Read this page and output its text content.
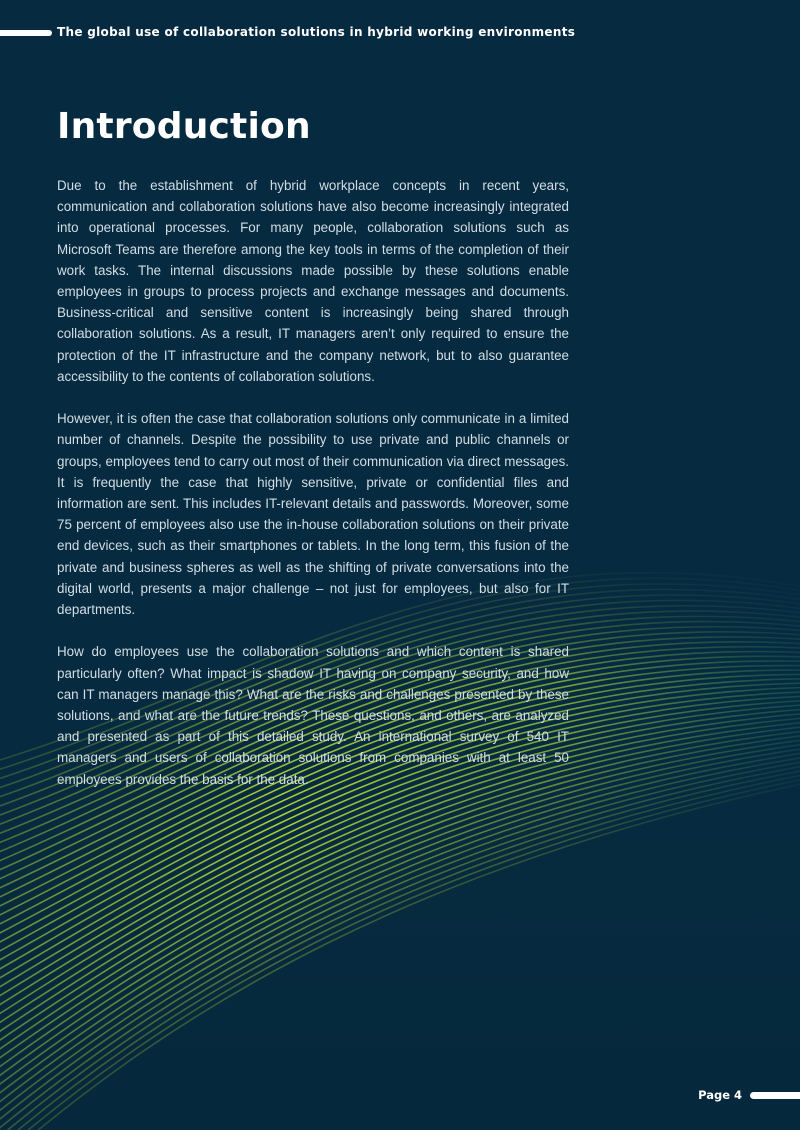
The global use of collaboration solutions in hybrid working environments
Introduction

Due to the establishment of hybrid workplace concepts in recent years, communication and collaboration solutions have also become increasingly integrated into operational processes. For many people, collaboration solutions such as Microsoft Teams are therefore among the key tools in terms of the completion of their work tasks. The internal discussions made possible by these solutions enable employees in groups to process projects and exchange messages and documents. Business-critical and sensitive content is increasingly being shared through collaboration solutions. As a result, IT managers aren’t only required to ensure the protection of the IT infrastructure and the company network, but to also guarantee accessibility to the contents of collaboration solutions.

However, it is often the case that collaboration solutions only communicate in a limited number of channels. Despite the possibility to use private and public channels or groups, employees tend to carry out most of their communication via direct messages. It is frequently the case that highly sensitive, private or confidential files and information are sent. This includes IT-relevant details and passwords. Moreover, some 75 percent of employees also use the in-house collaboration solutions on their private end devices, such as their smartphones or tablets. In the long term, this fusion of the private and business spheres as well as the shifting of private conversations into the digital world, presents a major challenge – not just for employees, but also for IT departments.

How do employees use the collaboration solutions and which content is shared particularly often? What impact is shadow IT having on company security, and how can IT managers manage this? What are the risks and challenges presented by these solutions, and what are the future trends? These questions, and others, are analyzed and presented as part of this detailed study. An international survey of 540 IT managers and users of collaboration solutions from companies with at least 50 employees provides the basis for the data.

Page 4
